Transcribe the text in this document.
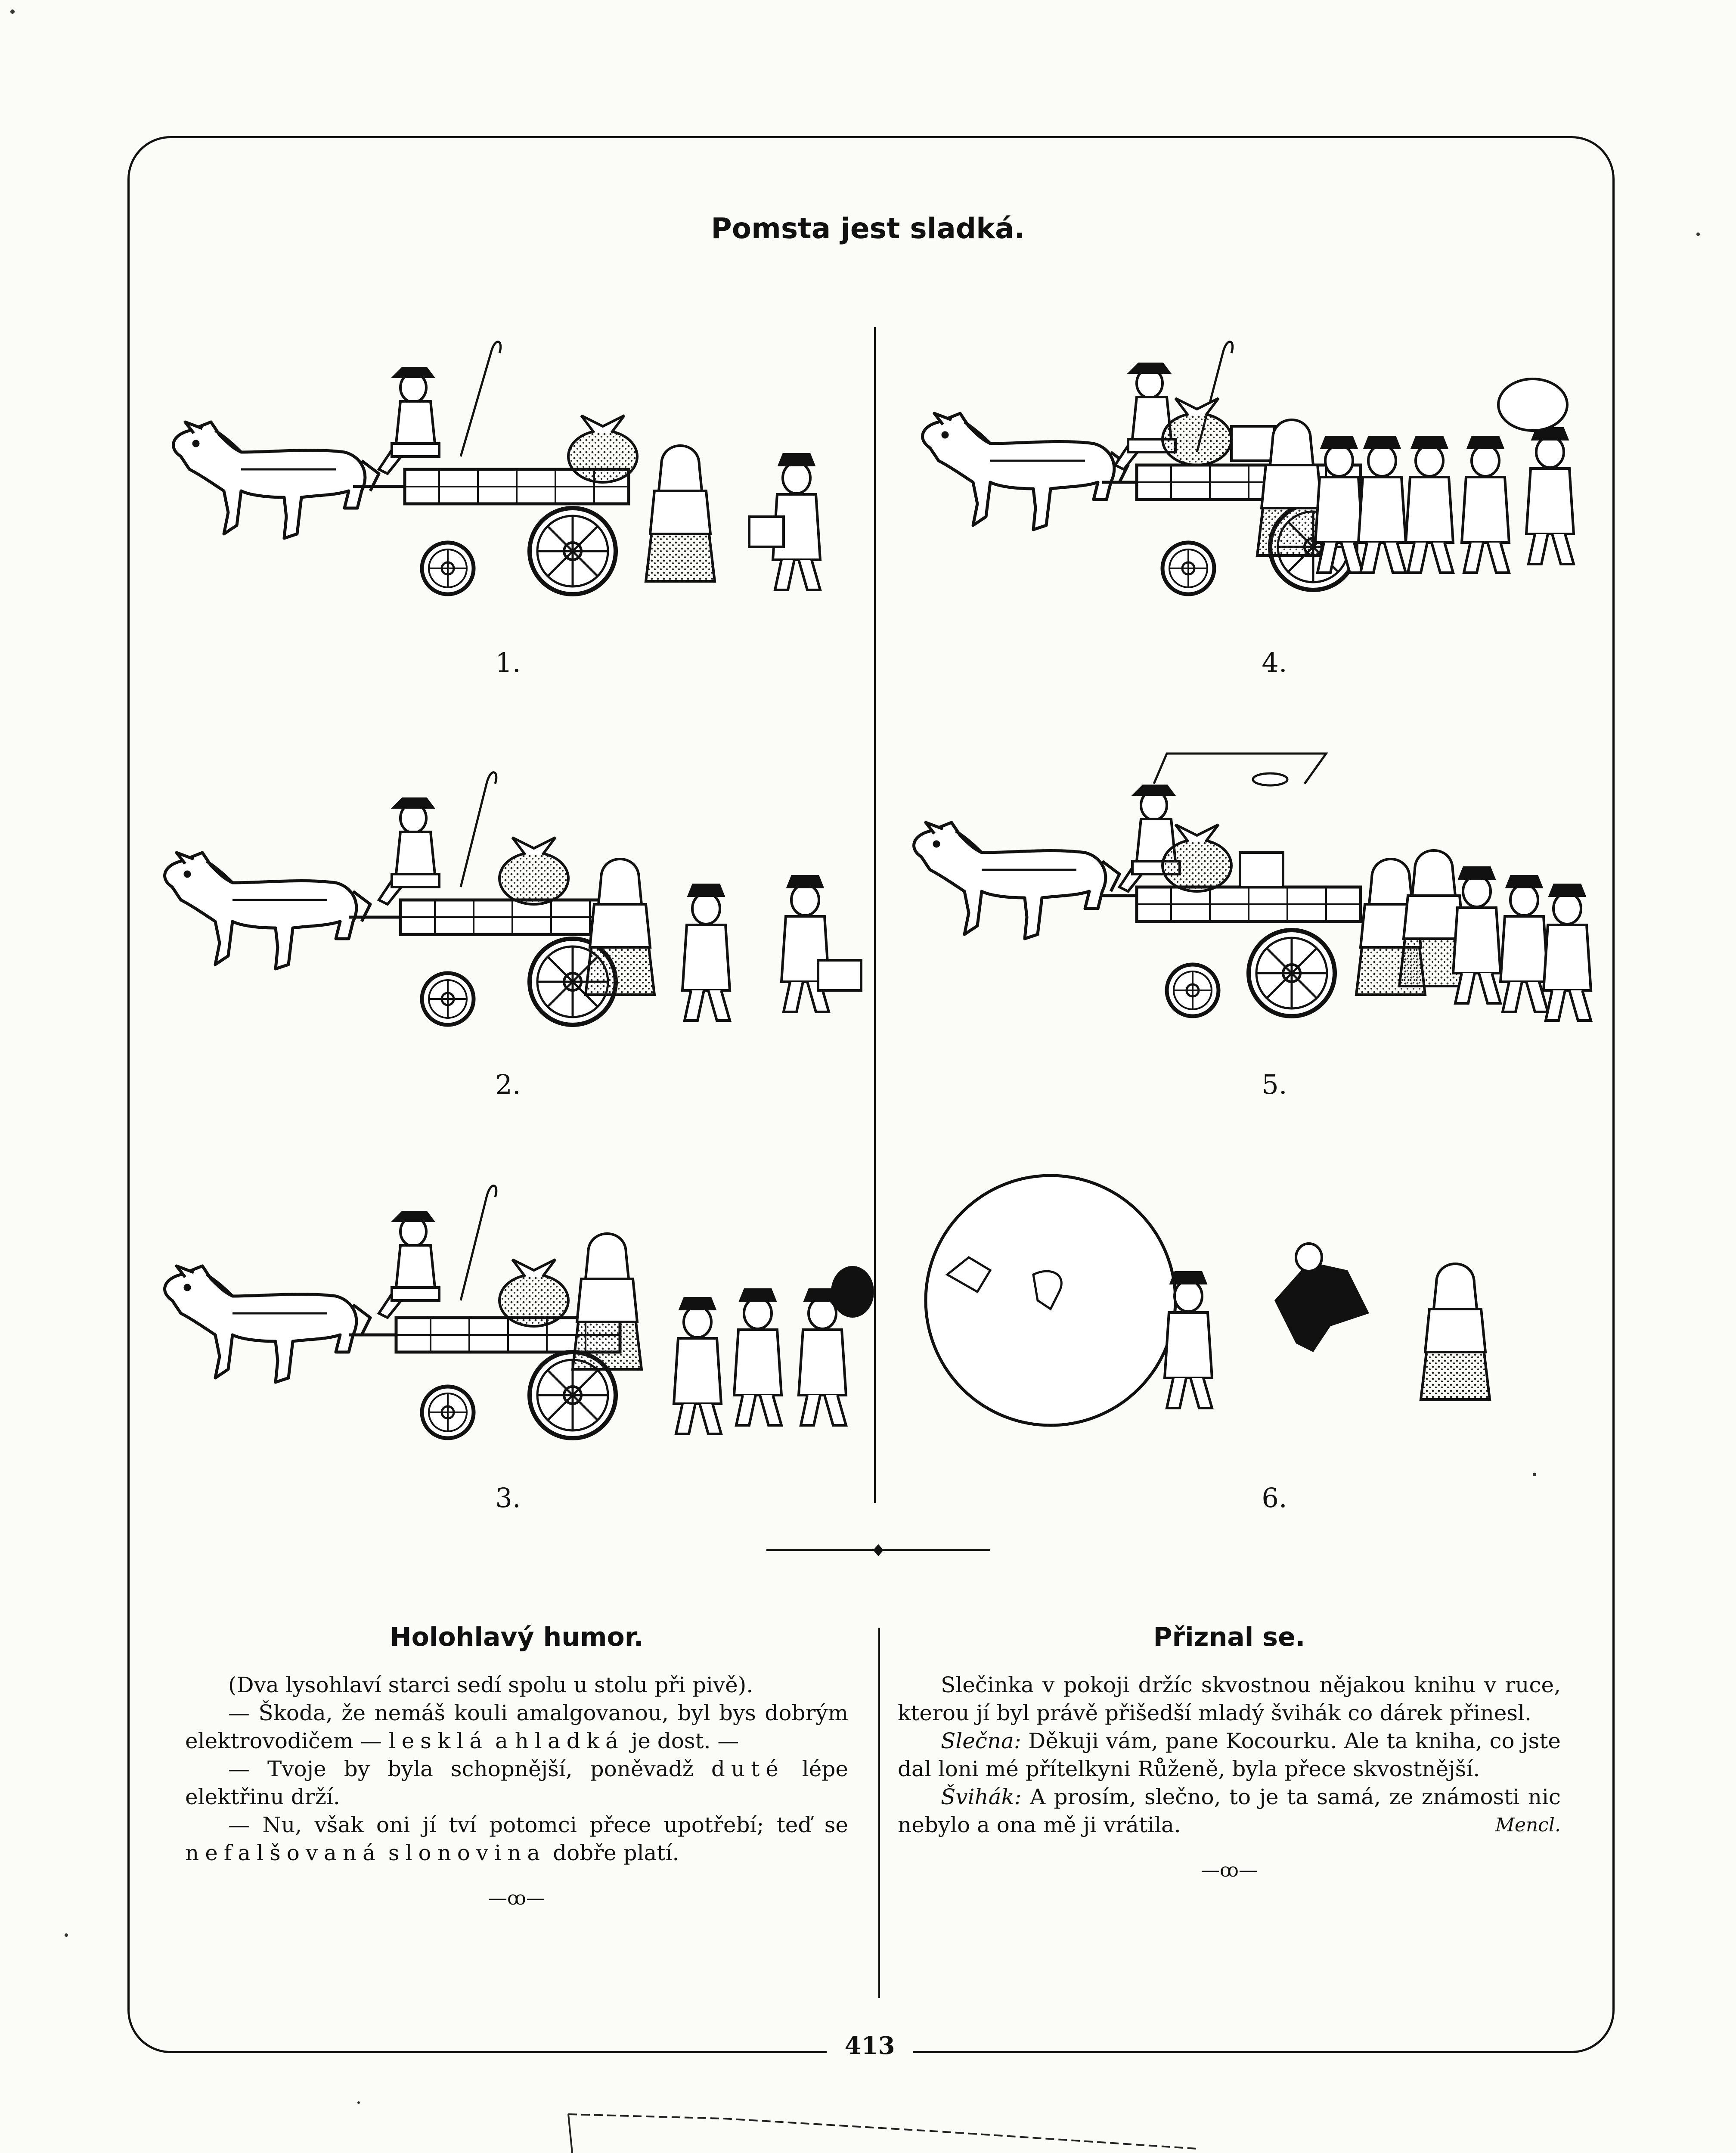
413
Pomsta jest sladká.
1.
2.
3.
4.
5.
6.
Holohlavý humor.

(Dva lysohlaví starci sedí spolu u stolu při pivě).

— Škoda, že nemáš kouli amalgovanou, byl bys dobrým elektrovodičem — lesklá a hladká je dost. —

— Tvoje by byla schopnější, poněvadž duté lépe elektřinu drží.

— Nu, však oni jí tví potomci přece upotřebí; teď se nefalšovaná slonovina dobře platí.

—ꝏ—
Přiznal se.

Slečinka v pokoji držíc skvostnou nějakou knihu v ruce, kterou jí byl právě přišedší mladý švihák co dárek přinesl.

Slečna: Děkuji vám, pane Kocourku. Ale ta kniha, co jste dal loni mé přítelkyni Růženě, byla přece skvostnější.

Švihák: A prosím, slečno, to je ta samá, ze známosti nic nebylo a ona mě ji vrátila.	Mencl.

—ꝏ—
